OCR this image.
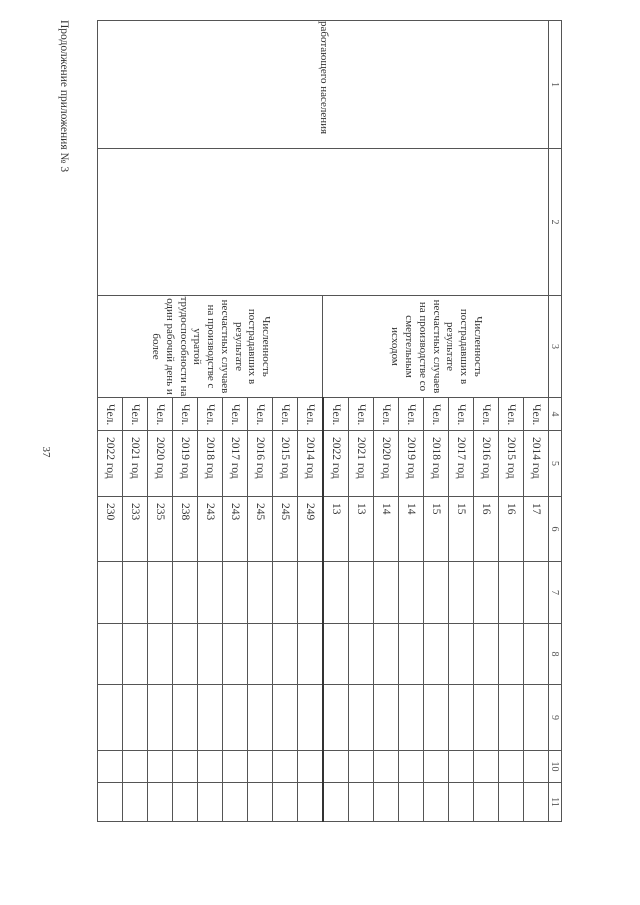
37
Продолжение приложения № 3	1	2	3	4	5	6	7	8	9	10	11
работающего населения		Численность пострадавших в результате несчастных случаев на производстве со смертельным исходом	Чел.	2014 год	17					
			Чел.	2015 год	16					
			Чел.	2016 год	16					
			Чел.	2017 год	15					
			Чел.	2018 год	15					
			Чел.	2019 год	14					
			Чел.	2020 год	14					
			Чел.	2021 год	13					
			Чел.	2022 год	13					
		Численность пострадавших в результате несчастных случаев на производстве с утратой трудоспособности на один рабочий день и более	Чел.	2014 год	249					
			Чел.	2015 год	245					
			Чел.	2016 год	245					
			Чел.	2017 год	243					
			Чел.	2018 год	243					
			Чел.	2019 год	238					
			Чел.	2020 год	235					
			Чел.	2021 год	233					
			Чел.	2022 год	230					
